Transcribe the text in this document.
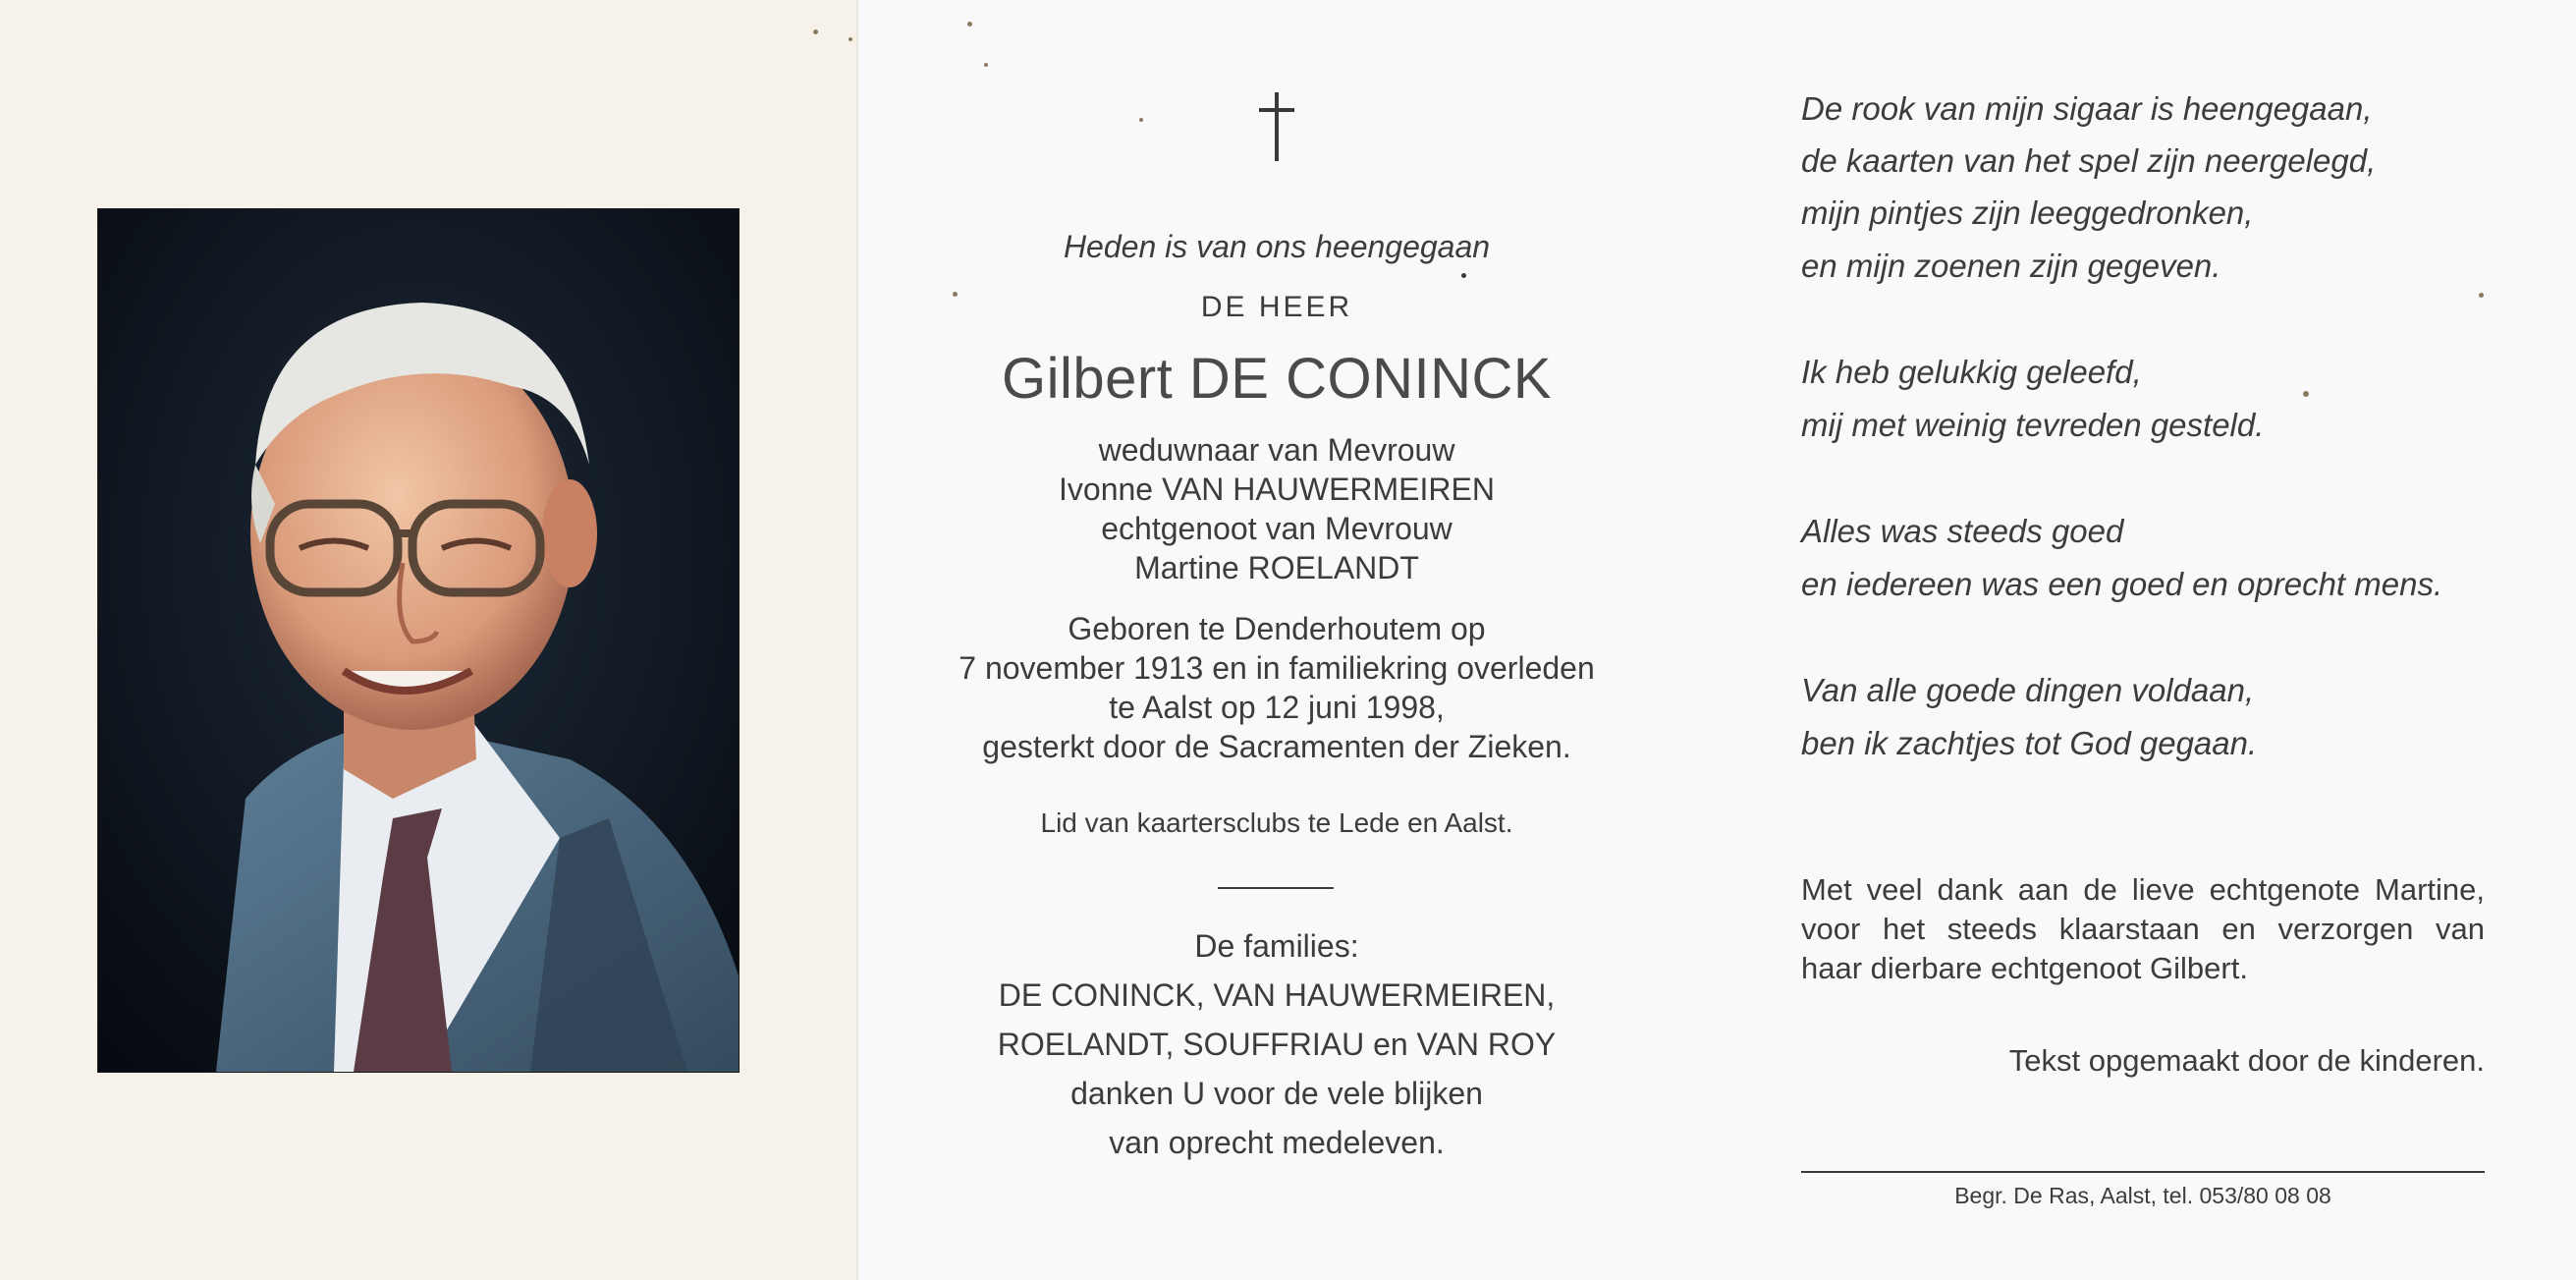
Heden is van ons heengegaan
DE HEER
Gilbert DE CONINCK
weduwnaar van Mevrouw
Ivonne VAN HAUWERMEIREN
echtgenoot van Mevrouw
Martine ROELANDT
Geboren te Denderhoutem op
7 november 1913 en in familiekring overleden
te Aalst op 12 juni 1998,
gesterkt door de Sacramenten der Zieken.
Lid van kaartersclubs te Lede en Aalst.
De families:
DE CONINCK, VAN HAUWERMEIREN,
ROELANDT, SOUFFRIAU en VAN ROY
danken U voor de vele blijken
van oprecht medeleven.
De rook van mijn sigaar is heengegaan,
de kaarten van het spel zijn neergelegd,
mijn pintjes zijn leeggedronken,
en mijn zoenen zijn gegeven.
Ik heb gelukkig geleefd,
mij met weinig tevreden gesteld.
Alles was steeds goed
en iedereen was een goed en oprecht mens.
Van alle goede dingen voldaan,
ben ik zachtjes tot God gegaan.
Met veel dank aan de lieve echtgenote Martine,
voor het steeds klaarstaan en verzorgen van
haar dierbare echtgenoot Gilbert.
Tekst opgemaakt door de kinderen.
Begr. De Ras, Aalst, tel. 053/80 08 08
